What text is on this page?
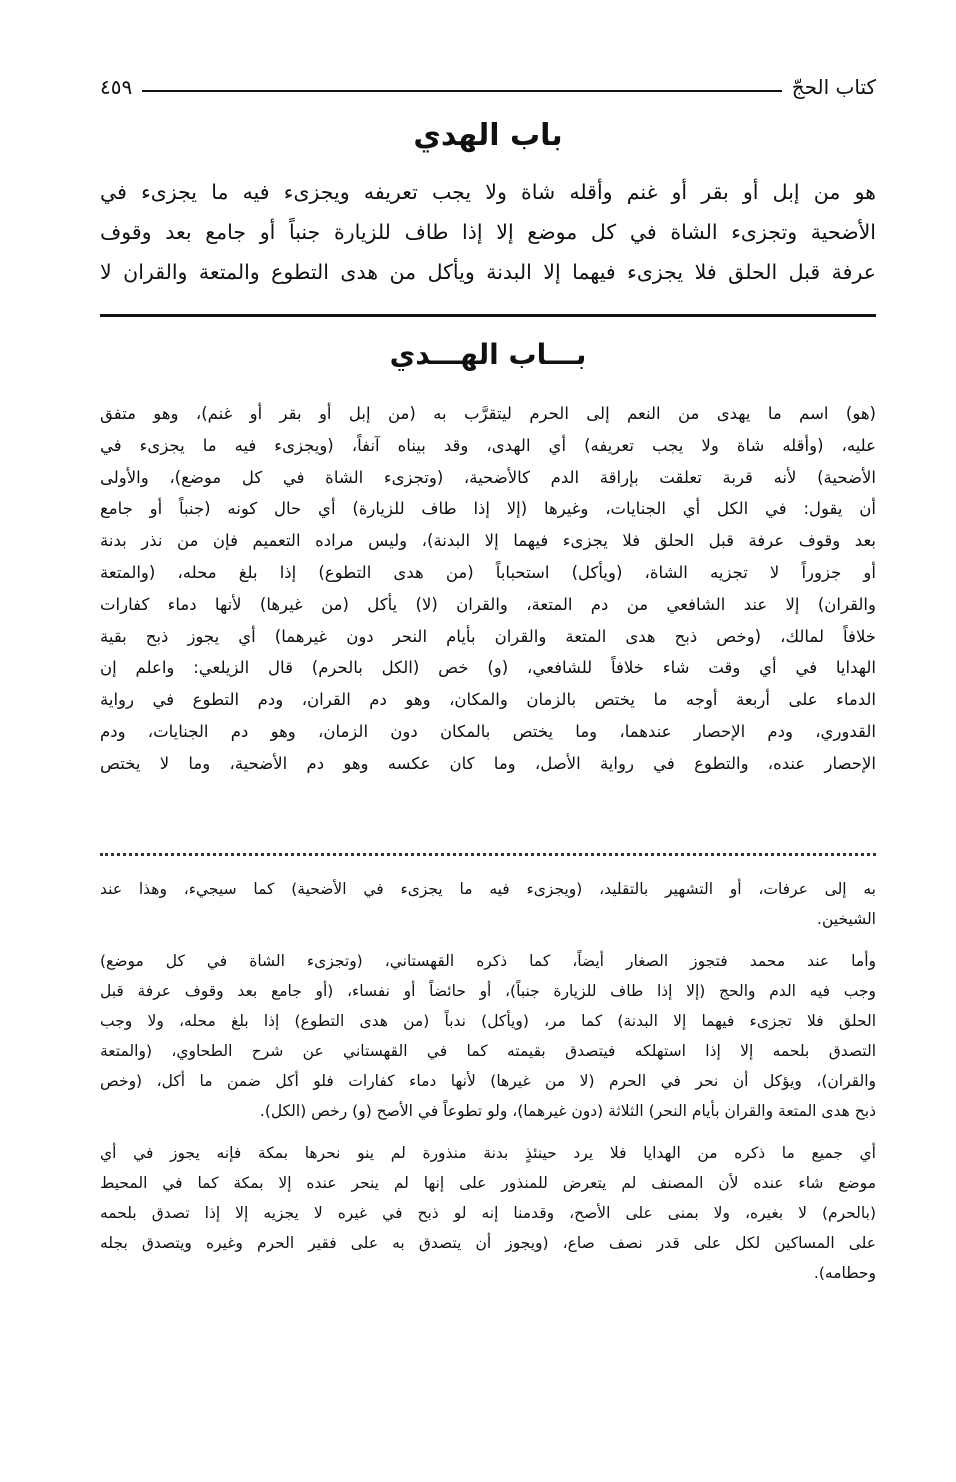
كتاب الحجّ
٤٥٩
باب الهدي
هو من إبل أو بقر أو غنم وأقله شاة ولا يجب تعريفه ويجزىء فيه ما يجزىء في
الأضحية وتجزىء الشاة في كل موضع إلا إذا طاف للزيارة جنباً أو جامع بعد وقوف
عرفة قبل الحلق فلا يجزىء فيهما إلا البدنة ويأكل من هدى التطوع والمتعة والقران لا
بـــاب الهـــدي
(هو) اسم ما يهدى من النعم إلى الحرم ليتقرَّب به (من إبل أو بقر أو غنم)، وهو متفق
عليه، (وأقله شاة ولا يجب تعريفه) أي الهدى، وقد بيناه آنفاً، (ويجزىء فيه ما يجزىء في
الأضحية) لأنه قربة تعلقت بإراقة الدم كالأضحية، (وتجزىء الشاة في كل موضع)، والأولى
أن يقول: في الكل أي الجنايات، وغيرها (إلا إذا طاف للزيارة) أي حال كونه (جنباً أو جامع
بعد وقوف عرفة قبل الحلق فلا يجزىء فيهما إلا البدنة)، وليس مراده التعميم فإن من نذر بدنة
أو جزوراً لا تجزيه الشاة، (ويأكل) استحباباً (من هدى التطوع) إذا بلغ محله، (والمتعة
والقران) إلا عند الشافعي من دم المتعة، والقران (لا) يأكل (من غيرها) لأنها دماء كفارات
خلافاً لمالك، (وخص ذبح هدى المتعة والقران بأيام النحر دون غيرهما) أي يجوز ذبح بقية
الهدايا في أي وقت شاء خلافاً للشافعي، (و) خص (الكل بالحرم) قال الزيلعي: واعلم إن
الدماء على أربعة أوجه ما يختص بالزمان والمكان، وهو دم القران، ودم التطوع في رواية
القدوري، ودم الإحصار عندهما، وما يختص بالمكان دون الزمان، وهو دم الجنايات، ودم
الإحصار عنده، والتطوع في رواية الأصل، وما كان عكسه وهو دم الأضحية، وما لا يختص
به إلى عرفات، أو التشهير بالتقليد، (ويجزىء فيه ما يجزىء في الأضحية) كما سيجيء، وهذا عند
الشيخين.
وأما عند محمد فتجوز الصغار أيضاً، كما ذكره القهستاني، (وتجزىء الشاة في كل موضع)
وجب فيه الدم والحج (إلا إذا طاف للزيارة جنباً)، أو حائضاً أو نفساء، (أو جامع بعد وقوف عرفة قبل
الحلق فلا تجزىء فيهما إلا البدنة) كما مر، (ويأكل) ندباً (من هدى التطوع) إذا بلغ محله، ولا وجب
التصدق بلحمه إلا إذا استهلكه فيتصدق بقيمته كما في القهستاني عن شرح الطحاوي، (والمتعة
والقران)، ويؤكل أن نحر في الحرم (لا من غيرها) لأنها دماء كفارات فلو أكل ضمن ما أكل، (وخص
ذبح هدى المتعة والقران بأيام النحر) الثلاثة (دون غيرهما)، ولو تطوعاً في الأصح (و) رخص (الكل).
أي جميع ما ذكره من الهدايا فلا يرد حينئذٍ بدنة منذورة لم ينو نحرها بمكة فإنه يجوز في أي
موضع شاء عنده لأن المصنف لم يتعرض للمنذور على إنها لم ينحر عنده إلا بمكة كما في المحيط
(بالحرم) لا بغيره، ولا بمنى على الأصح، وقدمنا إنه لو ذبح في غيره لا يجزيه إلا إذا تصدق بلحمه
على المساكين لكل على قدر نصف صاع، (ويجوز أن يتصدق به على فقير الحرم وغيره ويتصدق بجله
وحطامه).
